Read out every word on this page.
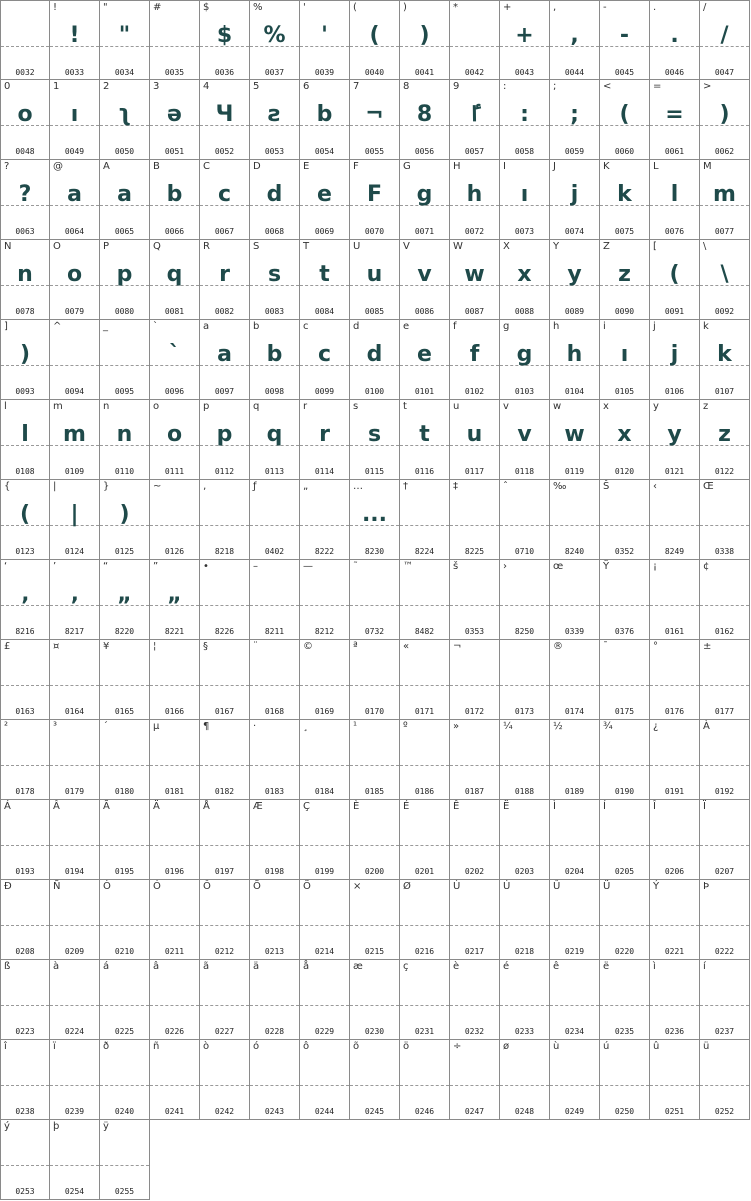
0032
!
!
0033
"
"
0034
#
0035
$
$
0036
%
%
0037
'
'
0039
(
(
0040
)
)
0041
*
0042
+
+
0043
,
,
0044
-
-
0045
.
.
0046
/
/
0047
0
o
0048
1
ı
0049
2
ʅ
0050
3
ə
0051
4
Ч
0052
5
ƨ
0053
6
b
0054
7
¬
0055
8
8
0056
9
ٵ
0057
:
:
0058
;
;
0059
<
(
0060
=
=
0061
>
)
0062
?
?
0063
@
a
0064
A
a
0065
B
b
0066
C
c
0067
D
d
0068
E
e
0069
F
F
0070
G
g
0071
H
h
0072
I
ı
0073
J
j
0074
K
k
0075
L
l
0076
M
m
0077
N
n
0078
O
o
0079
P
p
0080
Q
q
0081
R
r
0082
S
s
0083
T
t
0084
U
u
0085
V
v
0086
W
w
0087
X
x
0088
Y
y
0089
Z
z
0090
[
(
0091
\
\
0092
]
)
0093
^
0094
_
0095
`
`
0096
a
a
0097
b
b
0098
c
c
0099
d
d
0100
e
e
0101
f
f
0102
g
g
0103
h
h
0104
i
ı
0105
j
j
0106
k
k
0107
l
l
0108
m
m
0109
n
n
0110
o
o
0111
p
p
0112
q
q
0113
r
r
0114
s
s
0115
t
t
0116
u
u
0117
v
v
0118
w
w
0119
x
x
0120
y
y
0121
z
z
0122
{
(
0123
|
|
0124
}
)
0125
~
0126
‚
8218
ƒ
0402
„
8222
…
...
8230
†
8224
‡
8225
ˆ
0710
‰
8240
Š
0352
‹
8249
Œ
0338
‘
‚
8216
’
‚
8217
“
„
8220
”
„
8221
•
8226
–
8211
—
8212
˜
0732
™
8482
š
0353
›
8250
œ
0339
Ÿ
0376
¡
0161
¢
0162
£
0163
¤
0164
¥
0165
¦
0166
§
0167
¨
0168
©
0169
ª
0170
«
0171
¬
0172	0173
®
0174
¯
0175
°
0176
±
0177
²
0178
³
0179
´
0180
µ
0181
¶
0182
·
0183
¸
0184
¹
0185
º
0186
»
0187
¼
0188
½
0189
¾
0190
¿
0191
À
0192
Á
0193
Â
0194
Ã
0195
Ä
0196
Å
0197
Æ
0198
Ç
0199
È
0200
É
0201
Ê
0202
Ë
0203
Ì
0204
Í
0205
Î
0206
Ï
0207
Ð
0208
Ñ
0209
Ò
0210
Ó
0211
Ô
0212
Õ
0213
Ö
0214
×
0215
Ø
0216
Ù
0217
Ú
0218
Û
0219
Ü
0220
Ý
0221
Þ
0222
ß
0223
à
0224
á
0225
â
0226
ã
0227
ä
0228
å
0229
æ
0230
ç
0231
è
0232
é
0233
ê
0234
ë
0235
ì
0236
í
0237
î
0238
ï
0239
ð
0240
ñ
0241
ò
0242
ó
0243
ô
0244
õ
0245
ö
0246
÷
0247
ø
0248
ù
0249
ú
0250
û
0251
ü
0252
ý
0253
þ
0254
ÿ
0255
